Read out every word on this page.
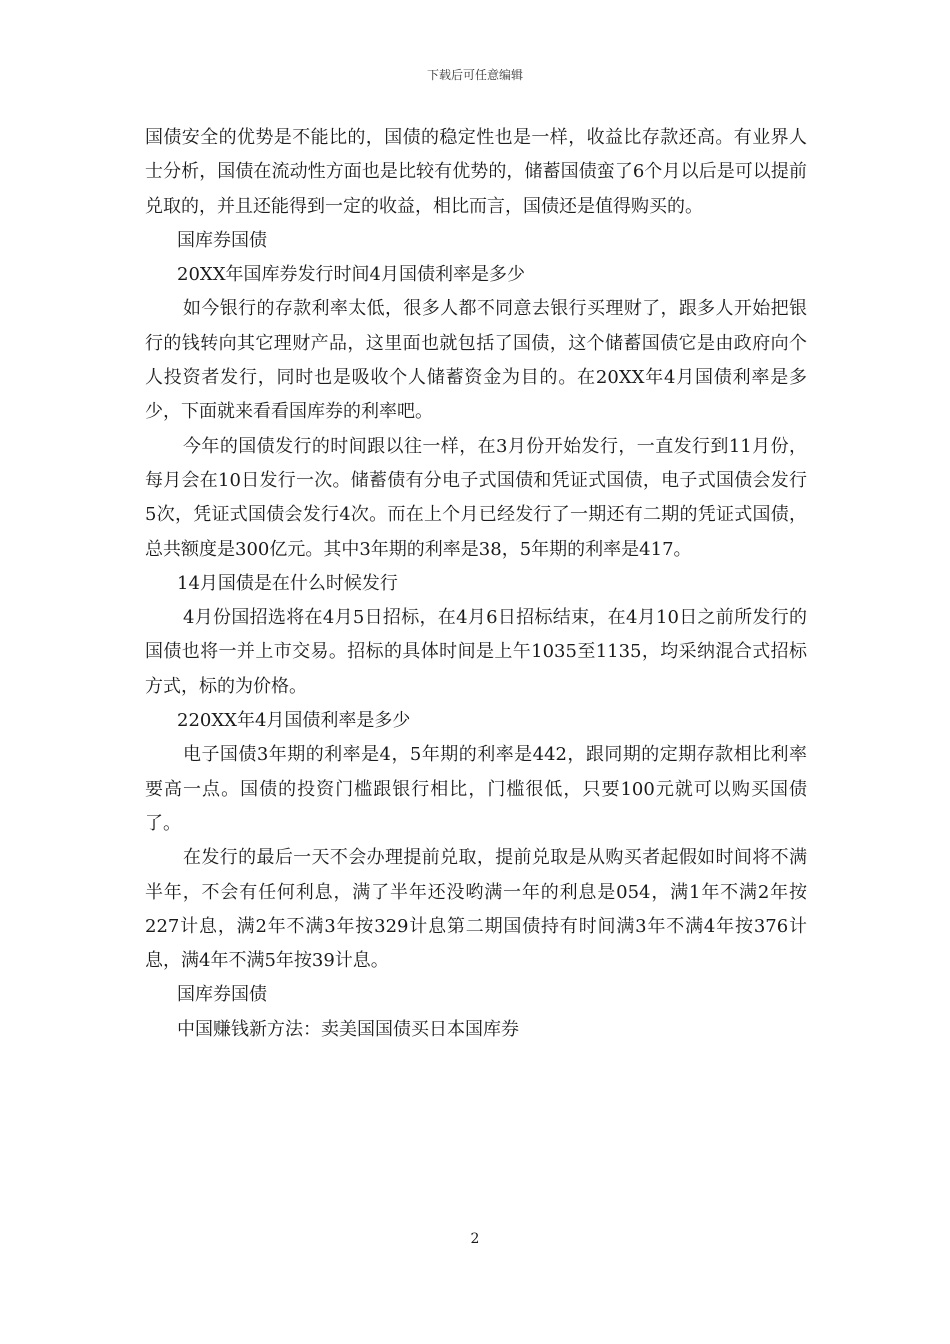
下载后可任意编辑

国债安全的优势是不能比的，国债的稳定性也是一样，收益比存款还高。有业界人士分析，国债在流动性方面也是比较有优势的，储蓄国债蛮了6个月以后是可以提前兑取的，并且还能得到一定的收益，相比而言，国债还是值得购买的。

国库券国债

20XX年国库券发行时间4月国债利率是多少

如今银行的存款利率太低，很多人都不同意去银行买理财了，跟多人开始把银行的钱转向其它理财产品，这里面也就包括了国债，这个储蓄国债它是由政府向个人投资者发行，同时也是吸收个人储蓄资金为目的。在20XX年4月国债利率是多少，下面就来看看国库券的利率吧。

今年的国债发行的时间跟以往一样，在3月份开始发行，一直发行到11月份，每月会在10日发行一次。储蓄债有分电子式国债和凭证式国债，电子式国债会发行5次，凭证式国债会发行4次。而在上个月已经发行了一期还有二期的凭证式国债，总共额度是300亿元。其中3年期的利率是38，5年期的利率是417。

14月国债是在什么时候发行

4月份国招选将在4月5日招标，在4月6日招标结束，在4月10日之前所发行的国债也将一并上市交易。招标的具体时间是上午1035至1135，均采纳混合式招标方式，标的为价格。

220XX年4月国债利率是多少

电子国债3年期的利率是4，5年期的利率是442，跟同期的定期存款相比利率要高一点。国债的投资门槛跟银行相比，门槛很低，只要100元就可以购买国债了。

在发行的最后一天不会办理提前兑取，提前兑取是从购买者起假如时间将不满半年，不会有任何利息，满了半年还没哟满一年的利息是054，满1年不满2年按227计息，满2年不满3年按329计息第二期国债持有时间满3年不满4年按376计息，满4年不满5年按39计息。

国库券国债

中国赚钱新方法：卖美国国债买日本国库券

2
